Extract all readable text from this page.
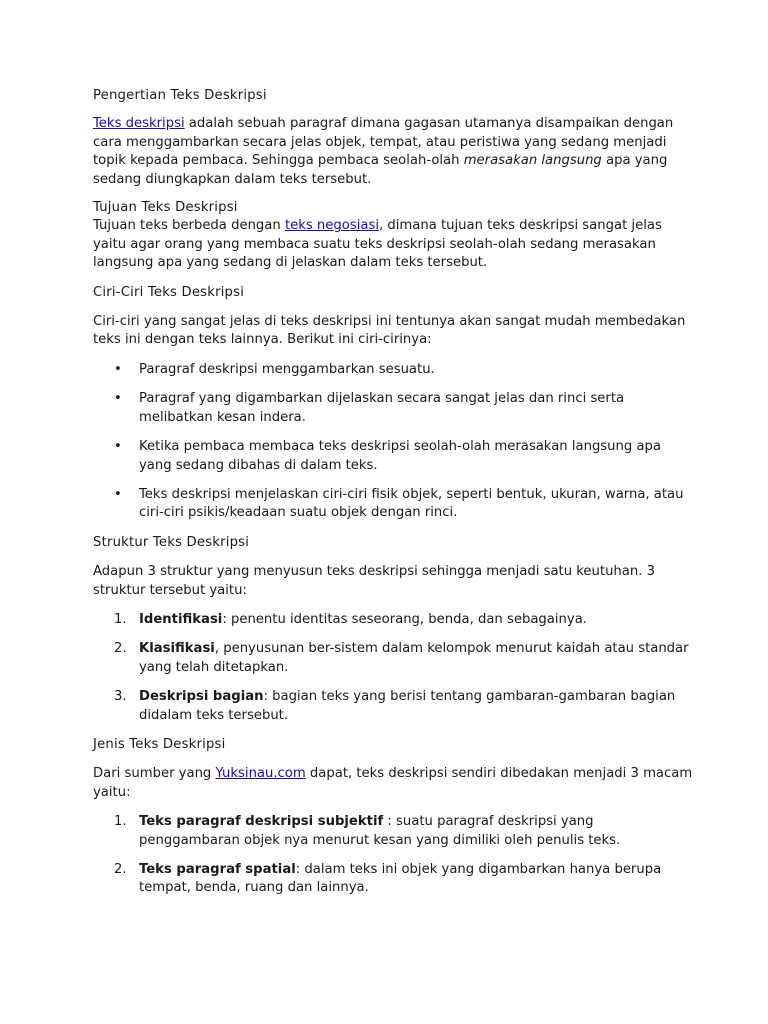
Pengertian Teks Deskripsi

Teks deskripsi adalah sebuah paragraf dimana gagasan utamanya disampaikan dengan cara menggambarkan secara jelas objek, tempat, atau peristiwa yang sedang menjadi topik kepada pembaca. Sehingga pembaca seolah-olah merasakan langsung apa yang sedang diungkapkan dalam teks tersebut.

Tujuan Teks Deskripsi

Tujuan teks berbeda dengan teks negosiasi, dimana tujuan teks deskripsi sangat jelas yaitu agar orang yang membaca suatu teks deskripsi seolah-olah sedang merasakan langsung apa yang sedang di jelaskan dalam teks tersebut.

Ciri-Ciri Teks Deskripsi

Ciri-ciri yang sangat jelas di teks deskripsi ini tentunya akan sangat mudah membedakan teks ini dengan teks lainnya. Berikut ini ciri-cirinya:

• Paragraf deskripsi menggambarkan sesuatu.
• Paragraf yang digambarkan dijelaskan secara sangat jelas dan rinci serta melibatkan kesan indera.
• Ketika pembaca membaca teks deskripsi seolah-olah merasakan langsung apa yang sedang dibahas di dalam teks.
• Teks deskripsi menjelaskan ciri-ciri fisik objek, seperti bentuk, ukuran, warna, atau ciri-ciri psikis/keadaan suatu objek dengan rinci.

Struktur Teks Deskripsi

Adapun 3 struktur yang menyusun teks deskripsi sehingga menjadi satu keutuhan. 3 struktur tersebut yaitu:

1. Identifikasi: penentu identitas seseorang, benda, dan sebagainya.
2. Klasifikasi, penyusunan ber-sistem dalam kelompok menurut kaidah atau standar yang telah ditetapkan.
3. Deskripsi bagian: bagian teks yang berisi tentang gambaran-gambaran bagian didalam teks tersebut.

Jenis Teks Deskripsi

Dari sumber yang Yuksinau.com dapat, teks deskripsi sendiri dibedakan menjadi 3 macam yaitu:

1. Teks paragraf deskripsi subjektif : suatu paragraf deskripsi yang penggambaran objek nya menurut kesan yang dimiliki oleh penulis teks.
2. Teks paragraf spatial: dalam teks ini objek yang digambarkan hanya berupa tempat, benda, ruang dan lainnya.
